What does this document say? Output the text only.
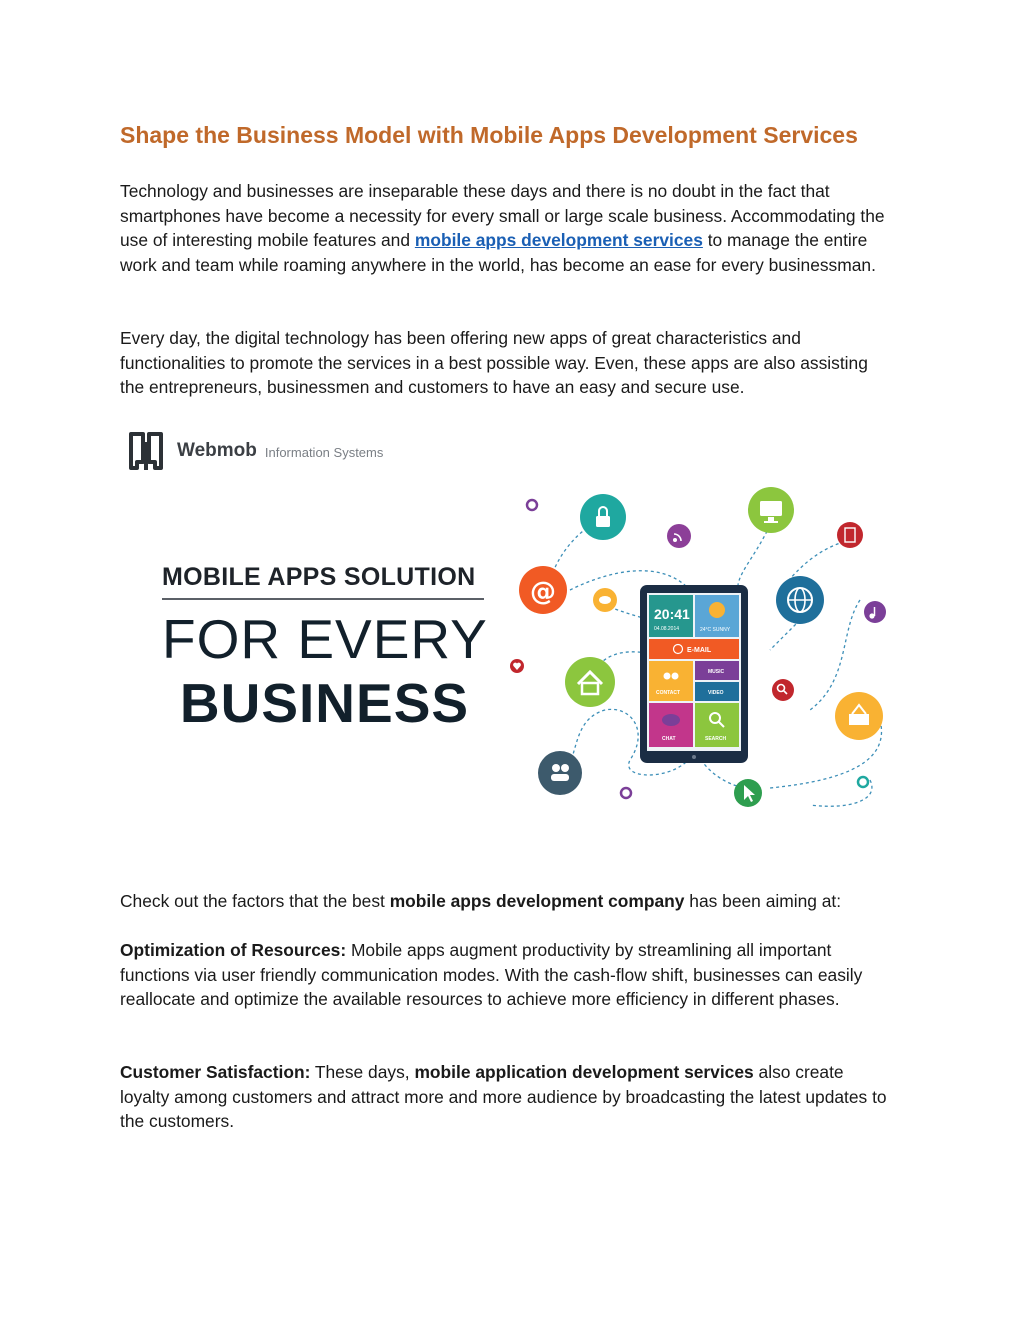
Shape the Business Model with Mobile Apps Development Services

Technology and businesses are inseparable these days and there is no doubt in the fact that smartphones have become a necessity for every small or large scale business. Accommodating the use of interesting mobile features and mobile apps development services to manage the entire work and team while roaming anywhere in the world, has become an ease for every businessman.

Every day, the digital technology has been offering new apps of great characteristics and functionalities to promote the services in a best possible way. Even, these apps are also assisting the entrepreneurs, businessmen and customers to have an easy and secure use.

Webmob Information Systems
MOBILE APPS SOLUTION
FOR EVERY
BUSINESS
20:41
04.08.2014	24°C SUNNY
E-MAIL
CONTACT
MUSIC
VIDEO
CHAT	SEARCH
@

Check out the factors that the best mobile apps development company has been aiming at:

Optimization of Resources: Mobile apps augment productivity by streamlining all important functions via user friendly communication modes. With the cash-flow shift, businesses can easily reallocate and optimize the available resources to achieve more efficiency in different phases.

Customer Satisfaction: These days, mobile application development services also create loyalty among customers and attract more and more audience by broadcasting the latest updates to the customers.
